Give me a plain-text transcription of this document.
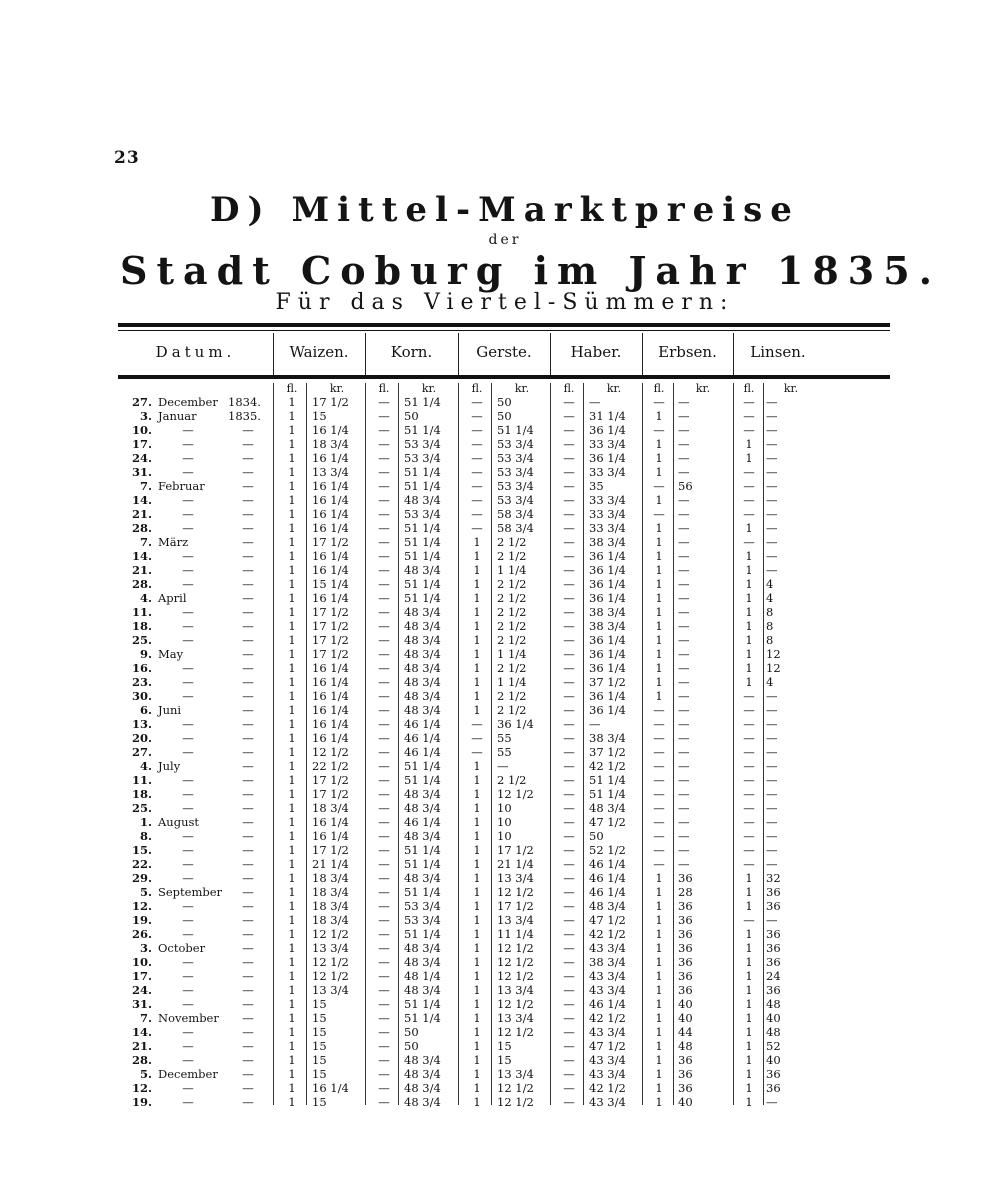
23
D) Mittel-Marktpreise
der
Stadt Coburg im Jahr 1835.
Für das Viertel-Sümmern:
Datum.	Waizen.	Korn.	Gerste.	Haber.	Erbsen.	Linsen.
fl.	kr.	fl.	kr.	fl.	kr.	fl.	kr.	fl.	kr.	fl.	kr.
27. December 1834.	1	17 1/2	—	51 1/4	—	50	—	—	—	—	— —
3. Januar	1835.	1	15	—	50	—	50	—	31 1/4	1	—	— —
10.	—	—	1	16 1/4	—	51 1/4	—	51 1/4	—	36 1/4	—	—	— —
17.	—	—	1	18 3/4	—	53 3/4	—	53 3/4	—	33 3/4	1	—	1	—
24.	—	—	1	16 1/4	—	53 3/4	—	53 3/4	—	36 1/4	1	—	1	—
31.	—	—	1	13 3/4	—	51 1/4	—	53 3/4	—	33 3/4	1	—	— —
7. Februar	—	1	16 1/4	—	51 1/4	—	53 3/4	—	35	—	56	— —
14.	—	—	1	16 1/4	—	48 3/4	—	53 3/4	—	33 3/4	1	—	— —
21.	—	—	1	16 1/4	—	53 3/4	—	58 3/4	—	33 3/4	—	—	— —
28.	—	—	1	16 1/4	—	51 1/4	—	58 3/4	—	33 3/4	1	—	1	—
7. März	—	1	17 1/2	—	51 1/4	1	2 1/2	—	38 3/4	1	—	— —
14.	—	—	1	16 1/4	—	51 1/4	1	2 1/2	—	36 1/4	1	—	1	—
21.	—	—	1	16 1/4	—	48 3/4	1	1 1/4	—	36 1/4	1	—	1	—
28.	—	—	1	15 1/4	—	51 1/4	1	2 1/2	—	36 1/4	1	—	1	4
4. April	—	1	16 1/4	—	51 1/4	1	2 1/2	—	36 1/4	1	—	1	4
11.	—	—	1	17 1/2	—	48 3/4	1	2 1/2	—	38 3/4	1	—	1	8
18.	—	—	1	17 1/2	—	48 3/4	1	2 1/2	—	38 3/4	1	—	1	8
25.	—	—	1	17 1/2	—	48 3/4	1	2 1/2	—	36 1/4	1	—	1	8
9. May	—	1	17 1/2	—	48 3/4	1	1 1/4	—	36 1/4	1	—	1	12
16.	—	—	1	16 1/4	—	48 3/4	1	2 1/2	—	36 1/4	1	—	1	12
23.	—	—	1	16 1/4	—	48 3/4	1	1 1/4	—	37 1/2	1	—	1	4
30.	—	—	1	16 1/4	—	48 3/4	1	2 1/2	—	36 1/4	1	—	— —
6. Juni	—	1	16 1/4	—	48 3/4	1	2 1/2	—	36 1/4	—	—	— —
13.	—	—	1	16 1/4	—	46 1/4	—	36 1/4	—	—	—	—	— —
20.	—	—	1	16 1/4	—	46 1/4	—	55	—	38 3/4	—	—	— —
27.	—	—	1	12 1/2	—	46 1/4	—	55	—	37 1/2	—	—	— —
4. July	—	1	22 1/2	—	51 1/4	1	—	—	42 1/2	—	—	— —
11.	—	—	1	17 1/2	—	51 1/4	1	2 1/2	—	51 1/4	—	—	— —
18.	—	—	1	17 1/2	—	48 3/4	1	12 1/2	—	51 1/4	—	—	— —
25.	—	—	1	18 3/4	—	48 3/4	1	10	—	48 3/4	—	—	— —
1. August	—	1	16 1/4	—	46 1/4	1	10	—	47 1/2	—	—	— —
8.	—	—	1	16 1/4	—	48 3/4	1	10	—	50	—	—	— —
15.	—	—	1	17 1/2	—	51 1/4	1	17 1/2	—	52 1/2	—	—	— —
22.	—	—	1	21 1/4	—	51 1/4	1	21 1/4	—	46 1/4	—	—	— —
29.	—	—	1	18 3/4	—	48 3/4	1	13 3/4	—	46 1/4	1	36	1	32
5. September	—	1	18 3/4	—	51 1/4	1	12 1/2	—	46 1/4	1	28	1	36
12.	—	—	1	18 3/4	—	53 3/4	1	17 1/2	—	48 3/4	1	36	1	36
19.	—	—	1	18 3/4	—	53 3/4	1	13 3/4	—	47 1/2	1	36	— —
26.	—	—	1	12 1/2	—	51 1/4	1	11 1/4	—	42 1/2	1	36	1	36
3. October	—	1	13 3/4	—	48 3/4	1	12 1/2	—	43 3/4	1	36	1	36
10.	—	—	1	12 1/2	—	48 3/4	1	12 1/2	—	38 3/4	1	36	1	36
17.	—	—	1	12 1/2	—	48 1/4	1	12 1/2	—	43 3/4	1	36	1	24
24.	—	—	1	13 3/4	—	48 3/4	1	13 3/4	—	43 3/4	1	36	1	36
31.	—	—	1	15	—	51 1/4	1	12 1/2	—	46 1/4	1	40	1	48
7. November	—	1	15	—	51 1/4	1	13 3/4	—	42 1/2	1	40	1	40
14.	—	—	1	15	—	50	1	12 1/2	—	43 3/4	1	44	1	48
21.	—	—	1	15	—	50	1	15	—	47 1/2	1	48	1	52
28.	—	—	1	15	—	48 3/4	1	15	—	43 3/4	1	36	1	40
5. December	—	1	15	—	48 3/4	1	13 3/4	—	43 3/4	1	36	1	36
12.	—	—	1	16 1/4	—	48 3/4	1	12 1/2	—	42 1/2	1	36	1	36
19.	—	—	1	15	—	48 3/4	1	12 1/2	—	43 3/4	1	40	1	—
